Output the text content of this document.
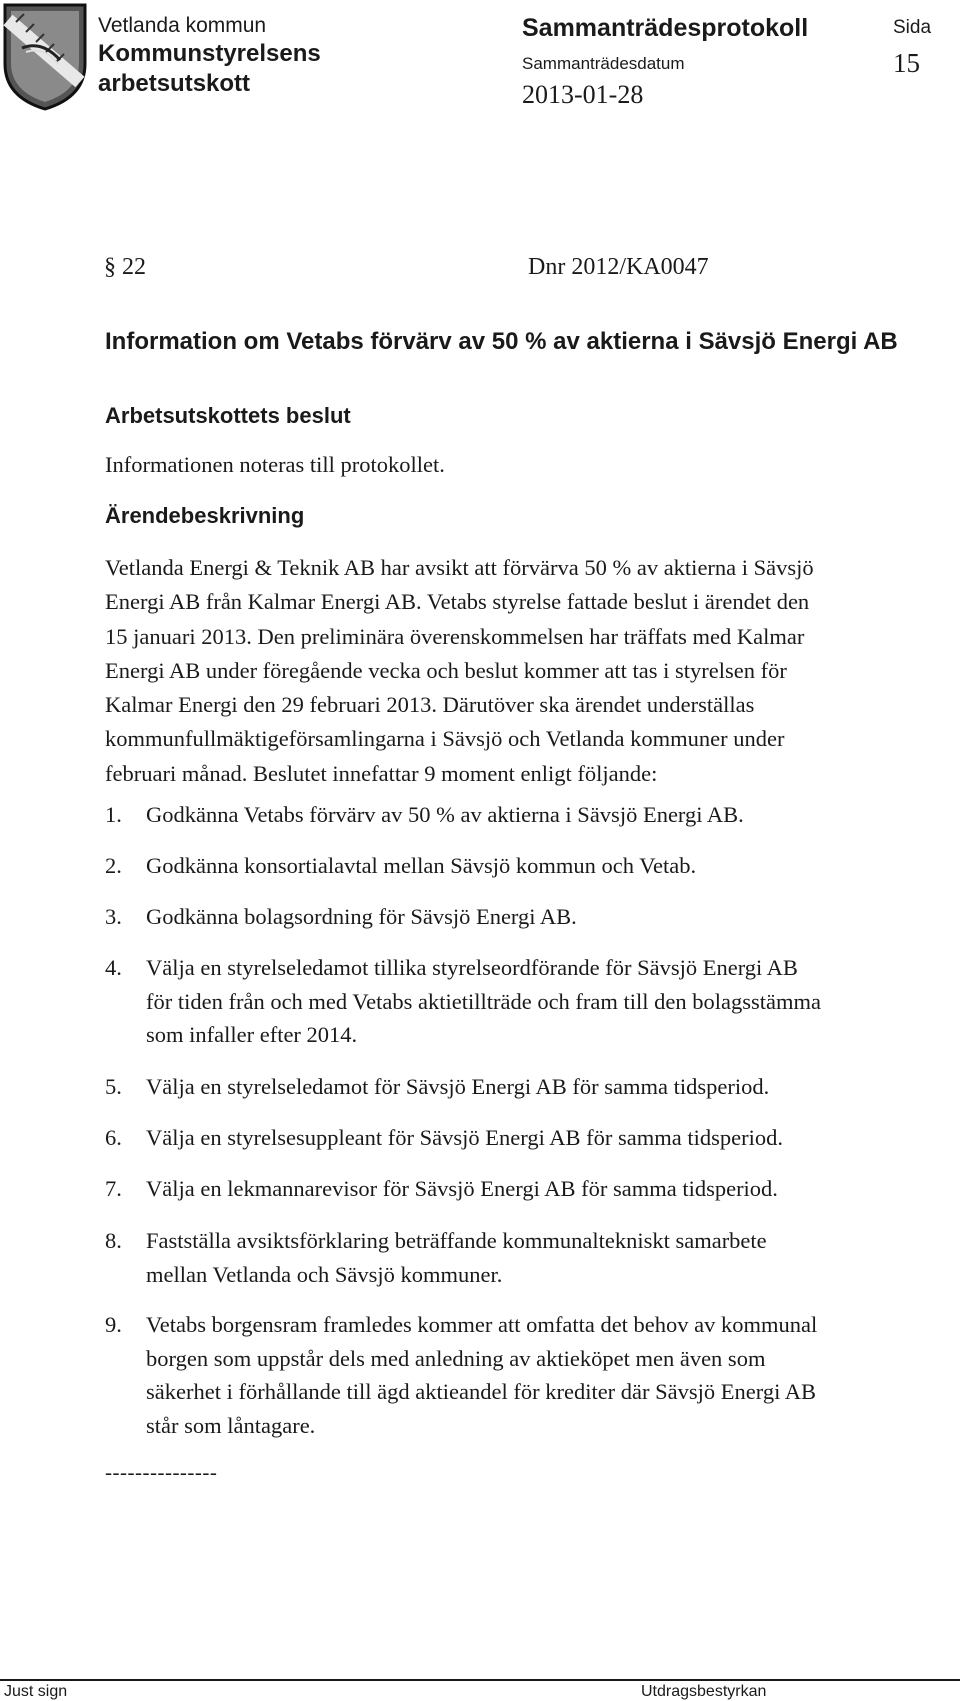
Vetlanda kommun
Kommunstyrelsens
arbetsutskott
Sammanträdesprotokoll	Sida
Sammanträdesdatum	15
2013-01-28
§ 22	Dnr 2012/KA0047
Information om Vetabs förvärv av 50 % av aktierna i Sävsjö Energi AB
Arbetsutskottets beslut
Informationen noteras till protokollet.
Ärendebeskrivning
Vetlanda Energi & Teknik AB har avsikt att förvärva 50 % av aktierna i Sävsjö
Energi AB från Kalmar Energi AB. Vetabs styrelse fattade beslut i ärendet den
15 januari 2013. Den preliminära överenskommelsen har träffats med Kalmar
Energi AB under föregående vecka och beslut kommer att tas i styrelsen för
Kalmar Energi den 29 februari 2013. Därutöver ska ärendet underställas
kommunfullmäktigeförsamlingarna i Sävsjö och Vetlanda kommuner under
februari månad. Beslutet innefattar 9 moment enligt följande:
1. Godkänna Vetabs förvärv av 50 % av aktierna i Sävsjö Energi AB.
2. Godkänna konsortialavtal mellan Sävsjö kommun och Vetab.
3. Godkänna bolagsordning för Sävsjö Energi AB.
4. Välja en styrelseledamot tillika styrelseordförande för Sävsjö Energi AB
för tiden från och med Vetabs aktietillträde och fram till den bolagsstämma
som infaller efter 2014.
5. Välja en styrelseledamot för Sävsjö Energi AB för samma tidsperiod.
6. Välja en styrelsesuppleant för Sävsjö Energi AB för samma tidsperiod.
7. Välja en lekmannarevisor för Sävsjö Energi AB för samma tidsperiod.
8. Fastställa avsiktsförklaring beträffande kommunaltekniskt samarbete
mellan Vetlanda och Sävsjö kommuner.
9. Vetabs borgensram framledes kommer att omfatta det behov av kommunal
borgen som uppstår dels med anledning av aktieköpet men även som
säkerhet i förhållande till ägd aktieandel för krediter där Sävsjö Energi AB
står som låntagare.
---------------
Just sign	Utdragsbestyrkan
